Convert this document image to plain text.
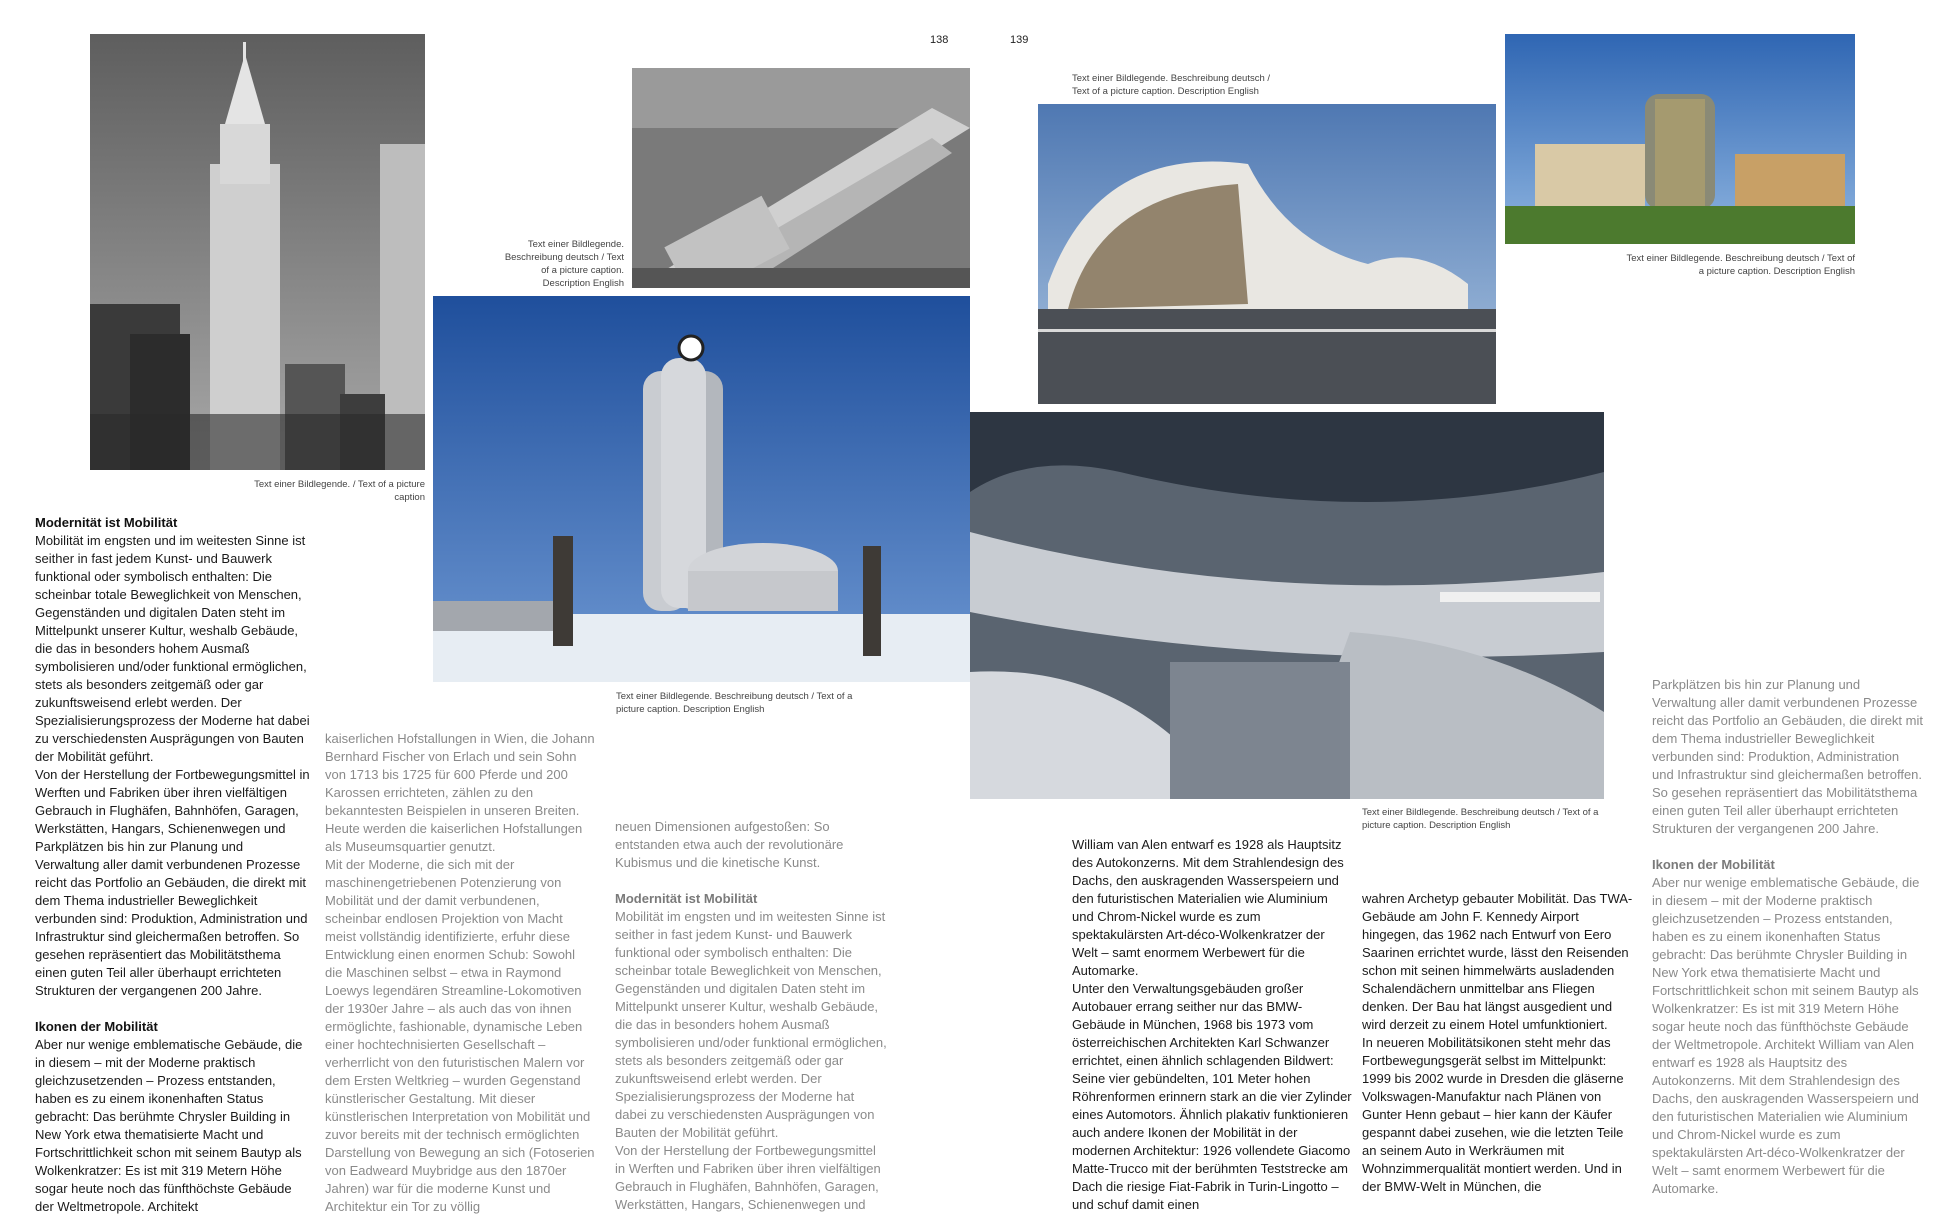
138	139
Text einer Bildlegende. / Text of a picture caption
Text einer Bildlegende. Beschreibung deutsch / Text of a picture caption. Description English
Text einer Bildlegende. Beschreibung deutsch / Text of a picture caption. Description English
Text einer Bildlegende. Beschreibung deutsch / Text of a picture caption. Description English
Text einer Bildlegende. Beschreibung deutsch / Text of a picture caption. Description English
Text einer Bildlegende. Beschreibung deutsch / Text of a picture caption. Description English
Modernität ist Mobilität

Mobilität im engsten und im weitesten Sinne ist seither in fast jedem Kunst- und Bauwerk funktional oder symbolisch enthalten: Die scheinbar totale Beweglichkeit von Menschen, Gegenständen und digitalen Daten steht im Mittelpunkt unserer Kultur, weshalb Gebäude, die das in besonders hohem Ausmaß symbolisieren und/oder funktional ermöglichen, stets als besonders zeitgemäß oder gar zukunftsweisend erlebt werden. Der Spezialisierungsprozess der Moderne hat dabei zu verschiedensten Ausprägungen von Bauten der Mobilität geführt.

Von der Herstellung der Fortbewegungsmittel in Werften und Fabriken über ihren vielfältigen Gebrauch in Flughäfen, Bahnhöfen, Garagen, Werkstätten, Hangars, Schienenwegen und Parkplätzen bis hin zur Planung und Verwaltung aller damit verbundenen Prozesse reicht das Portfolio an Gebäuden, die direkt mit dem Thema industrieller Beweglichkeit verbunden sind: Produktion, Administration und Infrastruktur sind gleichermaßen betroffen. So gesehen repräsentiert das Mobilitätsthema einen guten Teil aller überhaupt errichteten Strukturen der vergangenen 200 Jahre.

Ikonen der Mobilität

Aber nur wenige emblematische Gebäude, die in diesem – mit der Moderne praktisch gleichzusetzenden – Prozess entstanden, haben es zu einem ikonenhaften Status gebracht: Das berühmte Chrysler Building in New York etwa thematisierte Macht und Fortschrittlichkeit schon mit seinem Bautyp als Wolkenkratzer: Es ist mit 319 Metern Höhe sogar heute noch das fünfthöchste Gebäude der Weltmetropole. Architekt

kaiserlichen Hofstallungen in Wien, die Johann Bernhard Fischer von Erlach und sein Sohn von 1713 bis 1725 für 600 Pferde und 200 Karossen errichteten, zählen zu den bekanntesten Beispielen in unseren Breiten. Heute werden die kaiserlichen Hofstallungen als Museumsquartier genutzt.

Mit der Moderne, die sich mit der maschinengetriebenen Potenzierung von Mobilität und der damit verbundenen, scheinbar endlosen Projektion von Macht meist vollständig identifizierte, erfuhr diese Entwicklung einen enormen Schub: Sowohl die Maschinen selbst – etwa in Raymond Loewys legendären Streamline-Lokomotiven der 1930er Jahre – als auch das von ihnen ermöglichte, fashionable, dynamische Leben einer hochtechnisierten Gesellschaft – verherrlicht von den futuristischen Malern vor dem Ersten Weltkrieg – wurden Gegenstand künstlerischer Gestaltung. Mit dieser künstlerischen Interpretation von Mobilität und zuvor bereits mit der technisch ermöglichten Darstellung von Bewegung an sich (Fotoserien von Eadweard Muybridge aus den 1870er Jahren) war für die moderne Kunst und Architektur ein Tor zu völlig

neuen Dimensionen aufgestoßen: So entstanden etwa auch der revolutionäre Kubismus und die kinetische Kunst.

Modernität ist Mobilität

Mobilität im engsten und im weitesten Sinne ist seither in fast jedem Kunst- und Bauwerk funktional oder symbolisch enthalten: Die scheinbar totale Beweglichkeit von Menschen, Gegenständen und digitalen Daten steht im Mittelpunkt unserer Kultur, weshalb Gebäude, die das in besonders hohem Ausmaß symbolisieren und/oder funktional ermöglichen, stets als besonders zeitgemäß oder gar zukunftsweisend erlebt werden. Der Spezialisierungsprozess der Moderne hat dabei zu verschiedensten Ausprägungen von Bauten der Mobilität geführt.

Von der Herstellung der Fortbewegungsmittel in Werften und Fabriken über ihren vielfältigen Gebrauch in Flughäfen, Bahnhöfen, Garagen, Werkstätten, Hangars, Schienenwegen und

William van Alen entwarf es 1928 als Hauptsitz des Autokonzerns. Mit dem Strahlendesign des Dachs, den auskragenden Wasserspeiern und den futuristischen Materialien wie Aluminium und Chrom-Nickel wurde es zum spektakulärsten Art-déco-Wolkenkratzer der Welt – samt enormem Werbewert für die Automarke.

Unter den Verwaltungsgebäuden großer Autobauer errang seither nur das BMW-Gebäude in München, 1968 bis 1973 vom österreichischen Architekten Karl Schwanzer errichtet, einen ähnlich schlagenden Bildwert: Seine vier gebündelten, 101 Meter hohen Röhrenformen erinnern stark an die vier Zylinder eines Automotors. Ähnlich plakativ funktionieren auch andere Ikonen der Mobilität in der modernen Architektur: 1926 vollendete Giacomo Matte-Trucco mit der berühmten Teststrecke am Dach die riesige Fiat-Fabrik in Turin-Lingotto – und schuf damit einen

wahren Archetyp gebauter Mobilität. Das TWA-Gebäude am John F. Kennedy Airport hingegen, das 1962 nach Entwurf von Eero Saarinen errichtet wurde, lässt den Reisenden schon mit seinen himmelwärts ausladenden Schalendächern unmittelbar ans Fliegen denken. Der Bau hat längst ausgedient und wird derzeit zu einem Hotel umfunktioniert.

In neueren Mobilitätsikonen steht mehr das Fortbewegungsgerät selbst im Mittelpunkt: 1999 bis 2002 wurde in Dresden die gläserne Volkswagen-Manufaktur nach Plänen von Gunter Henn gebaut – hier kann der Käufer gespannt dabei zusehen, wie die letzten Teile an seinem Auto in Werkräumen mit Wohnzimmerqualität montiert werden. Und in der BMW-Welt in München, die

Parkplätzen bis hin zur Planung und Verwaltung aller damit verbundenen Prozesse reicht das Portfolio an Gebäuden, die direkt mit dem Thema industrieller Beweglichkeit verbunden sind: Produktion, Administration und Infrastruktur sind gleichermaßen betroffen. So gesehen repräsentiert das Mobilitätsthema einen guten Teil aller überhaupt errichteten Strukturen der vergangenen 200 Jahre.

Ikonen der Mobilität

Aber nur wenige emblematische Gebäude, die in diesem – mit der Moderne praktisch gleichzusetzenden – Prozess entstanden, haben es zu einem ikonenhaften Status gebracht: Das berühmte Chrysler Building in New York etwa thematisierte Macht und Fortschrittlichkeit schon mit seinem Bautyp als Wolkenkratzer: Es ist mit 319 Metern Höhe sogar heute noch das fünfthöchste Gebäude der Weltmetropole. Architekt William van Alen entwarf es 1928 als Hauptsitz des Autokonzerns. Mit dem Strahlendesign des Dachs, den auskragenden Wasserspeiern und den futuristischen Materialien wie Aluminium und Chrom-Nickel wurde es zum spektakulärsten Art-déco-Wolkenkratzer der Welt – samt enormem Werbewert für die Automarke.
